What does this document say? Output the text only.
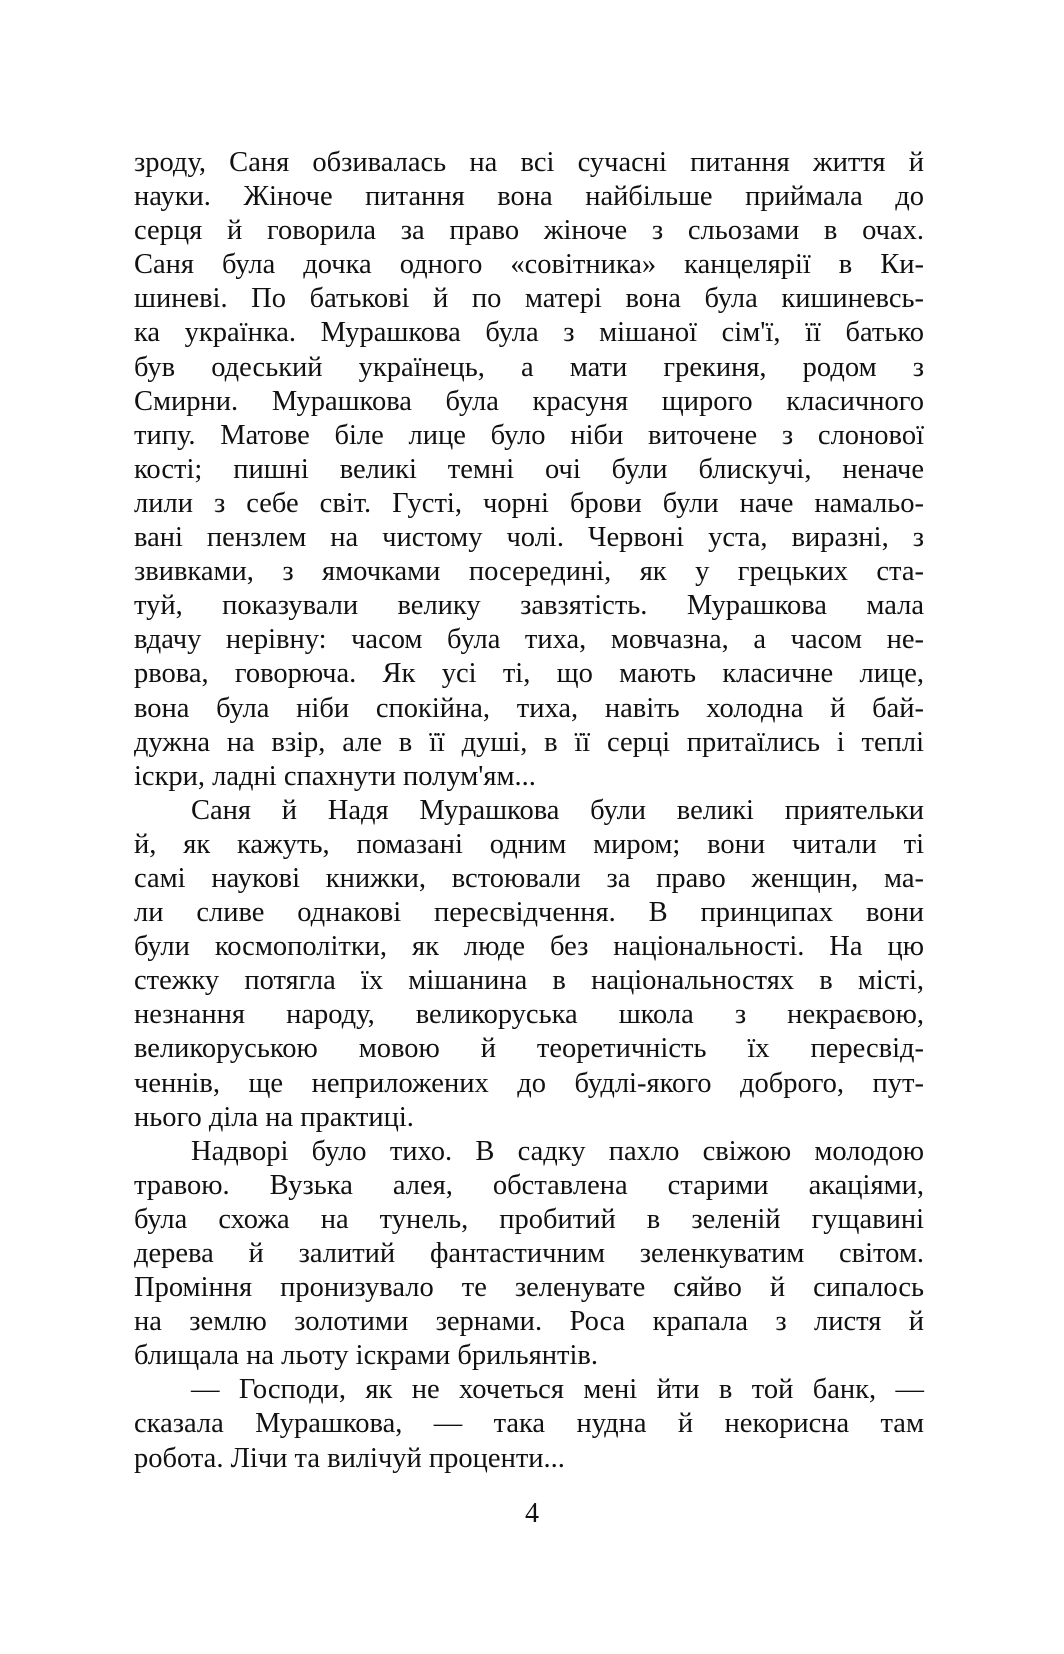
зроду, Саня обзивалась на всі сучасні питання життя й
науки. Жіноче питання вона найбільше приймала до
серця й говорила за право жіноче з сльозами в очах.
Саня була дочка одного «совітника» канцелярії в Ки-
шиневі. По батькові й по матері вона була кишиневсь-
ка українка. Мурашкова була з мішаної сім'ї, її батько
був одеський українець, а мати грекиня, родом з
Смирни. Мурашкова була красуня щирого класичного
типу. Матове біле лице було ніби виточене з слонової
кості; пишні великі темні очі були блискучі, неначе
лили з себе світ. Густі, чорні брови були наче намальо-
вані пензлем на чистому чолі. Червоні уста, виразні, з
звивками, з ямочками посередині, як у грецьких ста-
туй, показували велику завзятість. Мурашкова мала
вдачу нерівну: часом була тиха, мовчазна, а часом не-
рвова, говорюча. Як усі ті, що мають класичне лице,
вона була ніби спокійна, тиха, навіть холодна й бай-
дужна на взір, але в її душі, в її серці притаїлись і теплі
іскри, ладні спахнути полум'ям...
Саня й Надя Мурашкова були великі приятельки
й, як кажуть, помазані одним миром; вони читали ті
самі наукові книжки, встоювали за право женщин, ма-
ли сливе однакові пересвідчення. В принципах вони
були космополітки, як люде без національності. На цю
стежку потягла їх мішанина в національностях в місті,
незнання народу, великоруська школа з некраєвою,
великоруською мовою й теоретичність їх пересвід-
ченнів, ще неприложених до будлі-якого доброго, пут-
нього діла на практиці.
Надворі було тихо. В садку пахло свіжою молодою
травою. Вузька алея, обставлена старими акаціями,
була схожа на тунель, пробитий в зеленій гущавині
дерева й залитий фантастичним зеленкуватим світом.
Проміння пронизувало те зеленувате сяйво й сипалось
на землю золотими зернами. Роса крапала з листя й
блищала на льоту іскрами брильянтів.
— Господи, як не хочеться мені йти в той банк, —
сказала Мурашкова, — така нудна й некорисна там
робота. Лічи та вилічуй проценти...
4
